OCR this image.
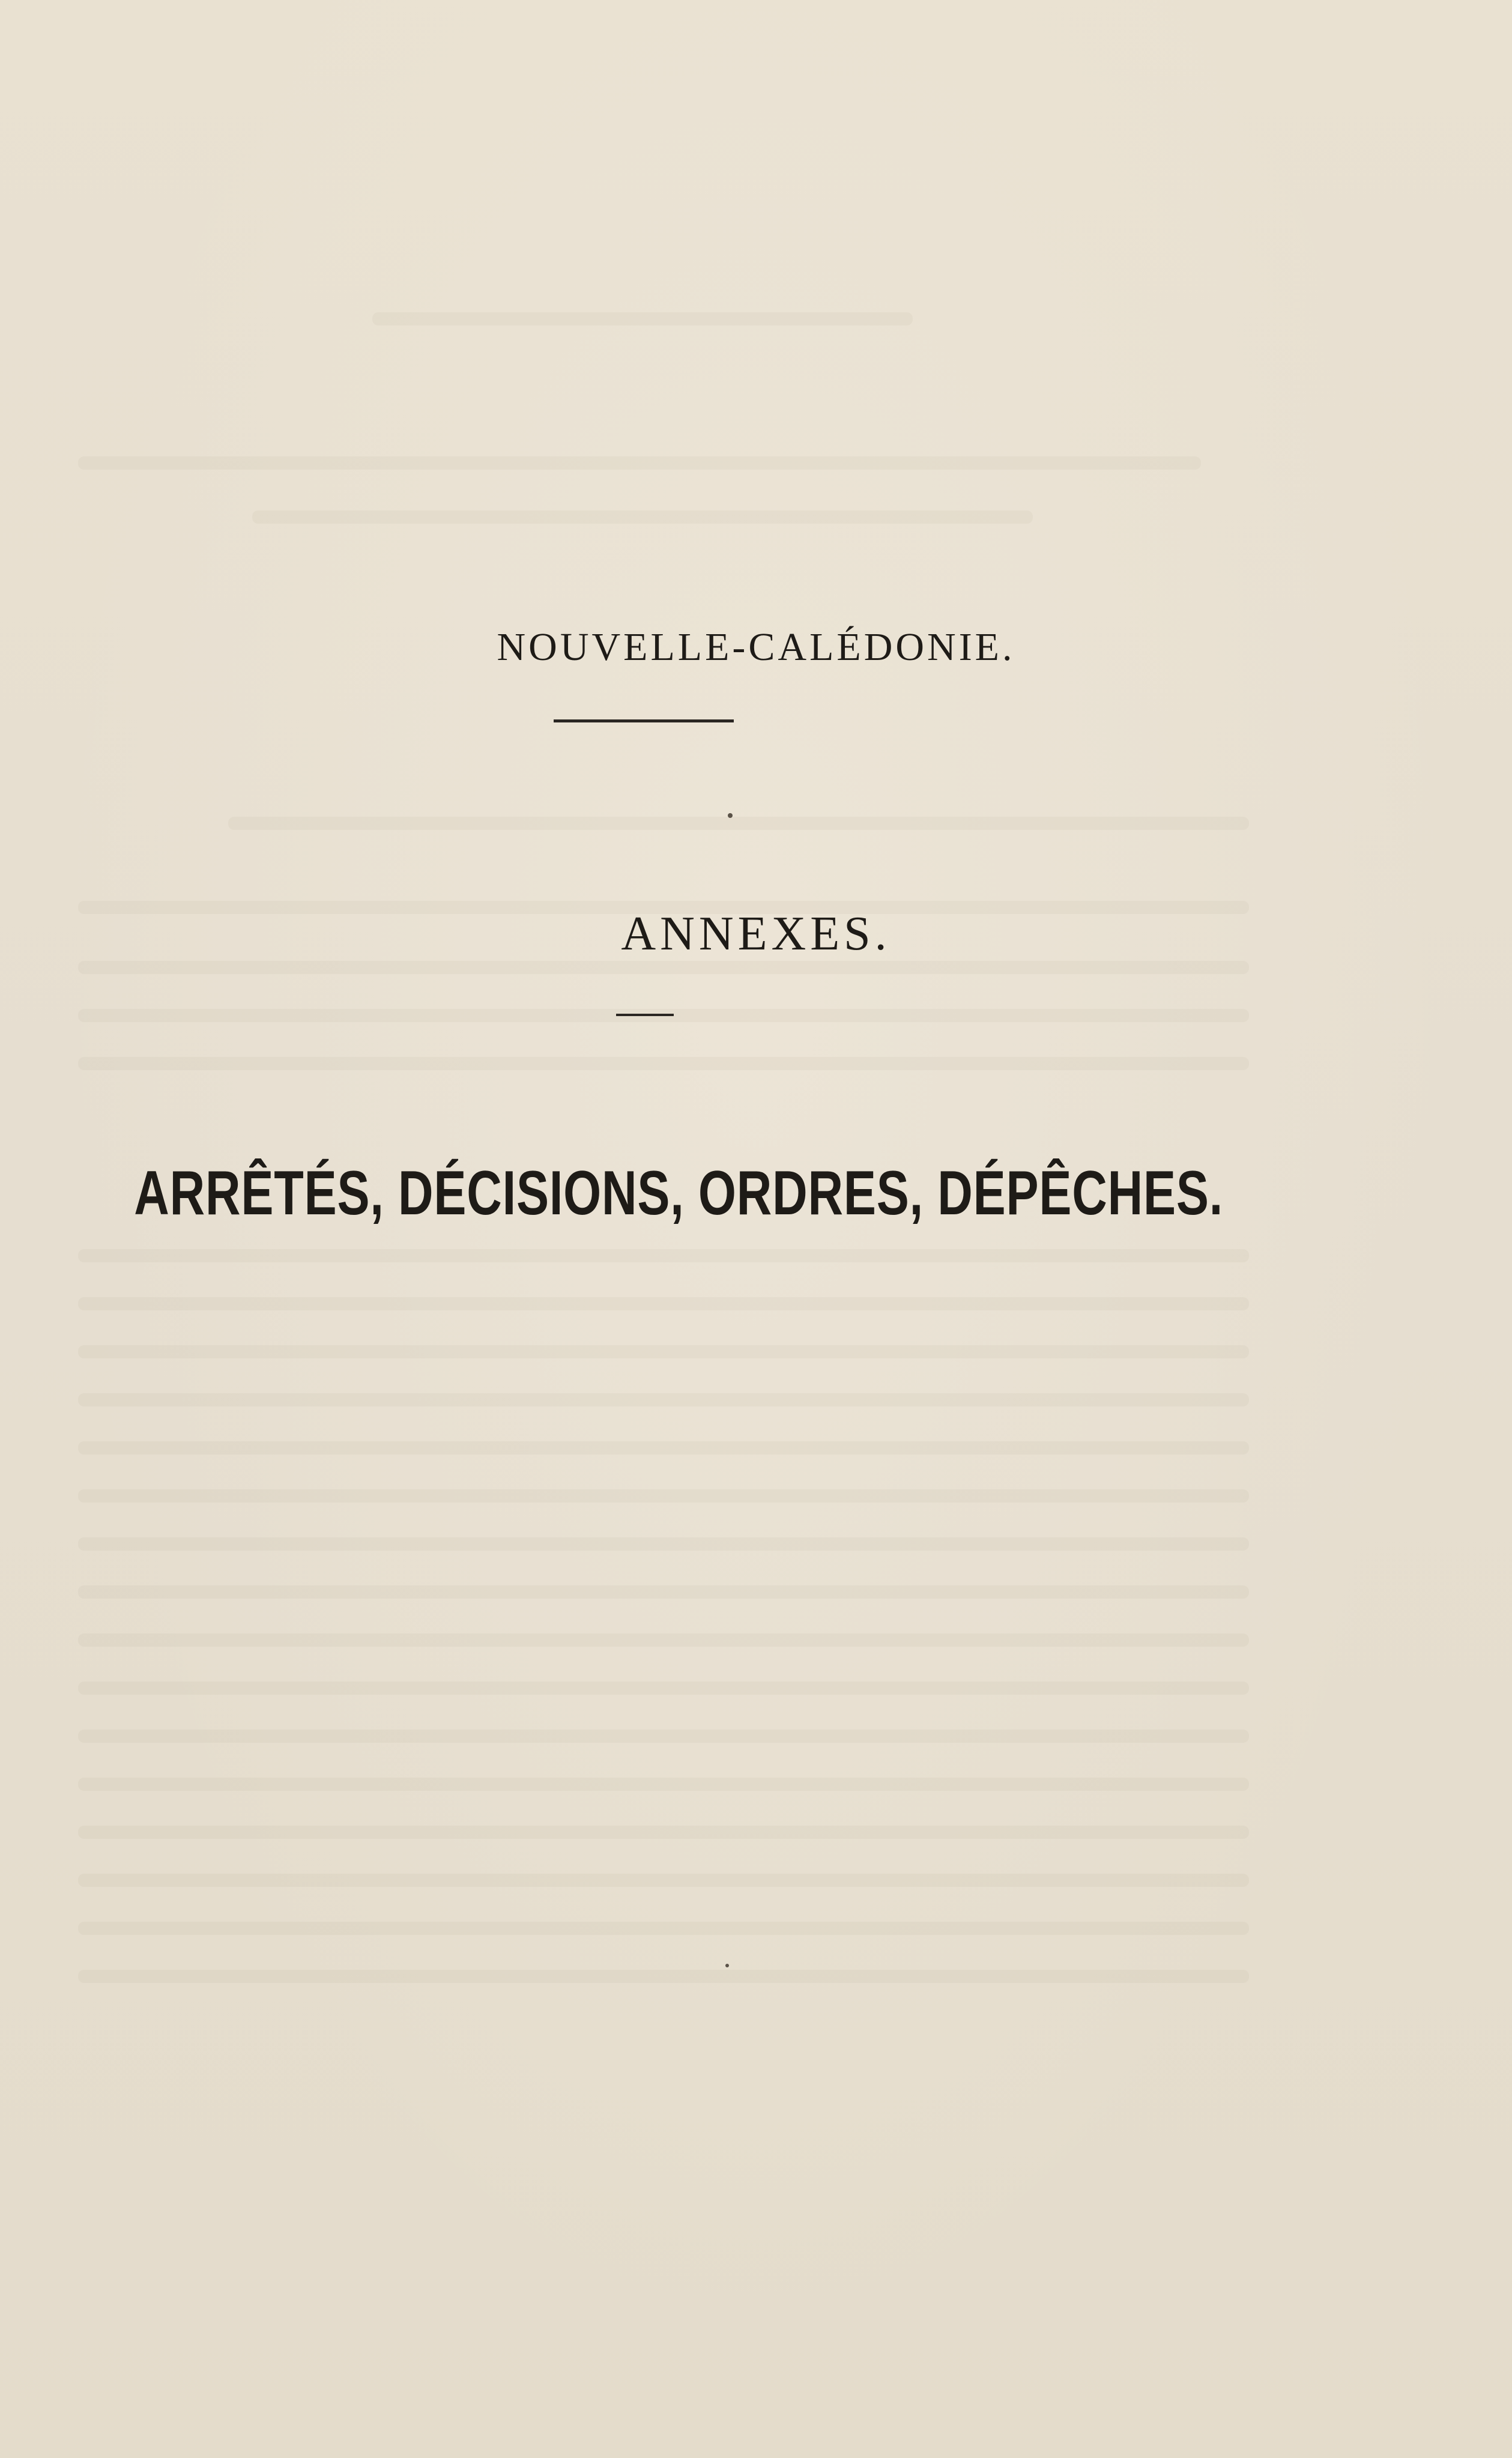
NOUVELLE-CALÉDONIE.
ANNEXES.
ARRÊTÉS, DÉCISIONS, ORDRES, DÉPÊCHES.
